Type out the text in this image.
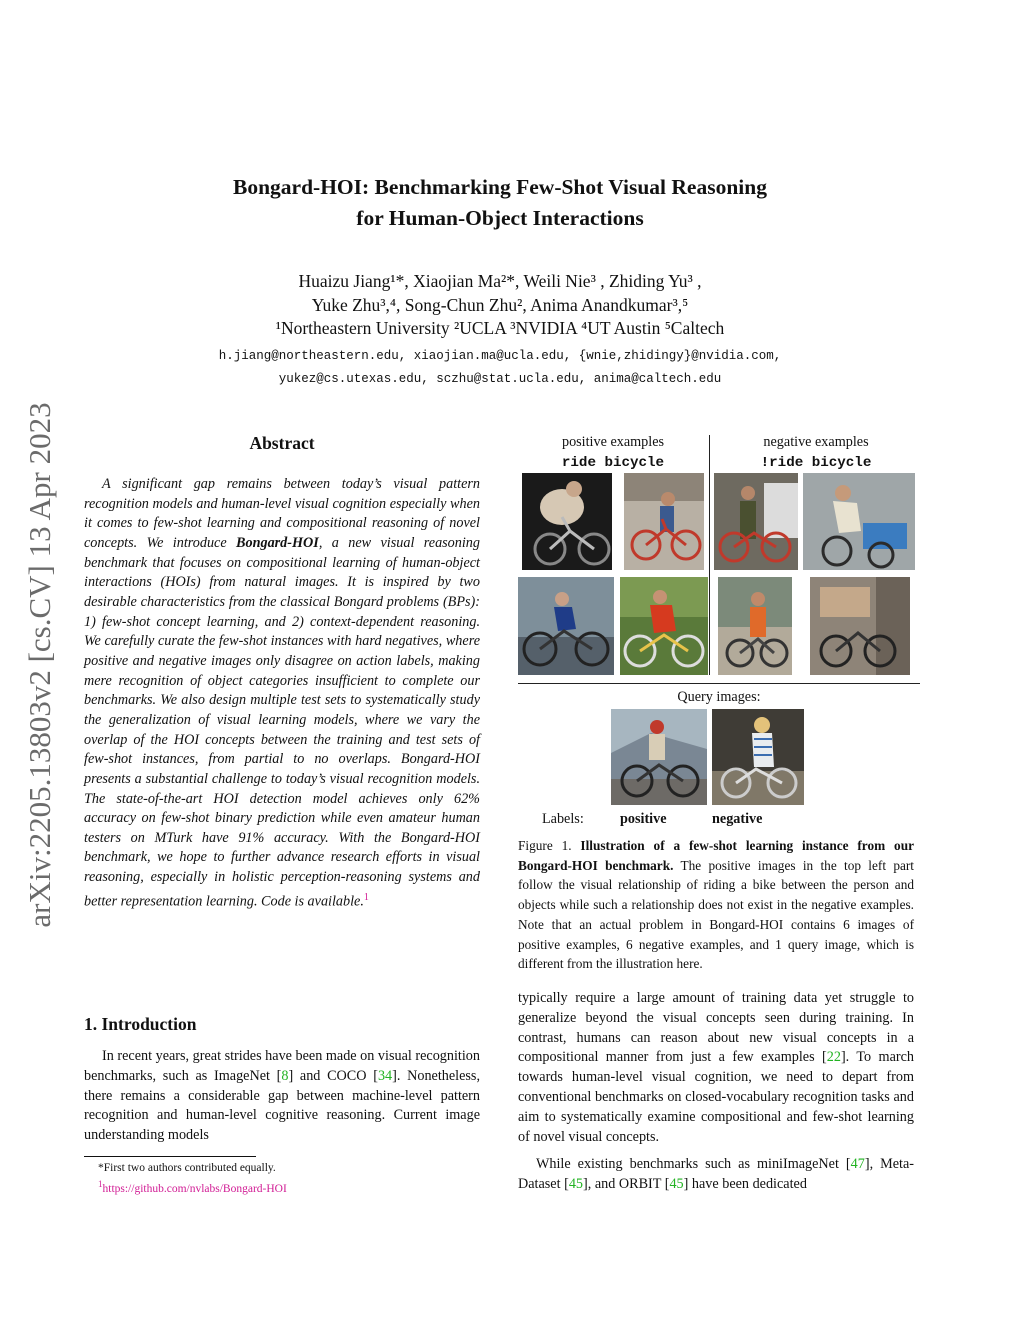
arXiv:2205.13803v2 [cs.CV] 13 Apr 2023
Bongard-HOI: Benchmarking Few-Shot Visual Reasoning
for Human-Object Interactions
Huaizu Jiang¹*, Xiaojian Ma²*, Weili Nie³ , Zhiding Yu³ ,
Yuke Zhu³,⁴, Song-Chun Zhu², Anima Anandkumar³,⁵
¹Northeastern University ²UCLA ³NVIDIA ⁴UT Austin ⁵Caltech
h.jiang@northeastern.edu, xiaojian.ma@ucla.edu, {wnie,zhidingy}@nvidia.com,
yukez@cs.utexas.edu, sczhu@stat.ucla.edu, anima@caltech.edu
Abstract
A significant gap remains between today’s visual pattern recognition models and human-level visual cognition especially when it comes to few-shot learning and compositional reasoning of novel concepts. We introduce Bongard-HOI, a new visual reasoning benchmark that focuses on compositional learning of human-object interactions (HOIs) from natural images. It is inspired by two desirable characteristics from the classical Bongard problems (BPs): 1) few-shot concept learning, and 2) context-dependent reasoning. We carefully curate the few-shot instances with hard negatives, where positive and negative images only disagree on action labels, making mere recognition of object categories insufficient to complete our benchmarks. We also design multiple test sets to systematically study the generalization of visual learning models, where we vary the overlap of the HOI concepts between the training and test sets of few-shot instances, from partial to no overlaps. Bongard-HOI presents a substantial challenge to today’s visual recognition models. The state-of-the-art HOI detection model achieves only 62% accuracy on few-shot binary prediction while even amateur human testers on MTurk have 91% accuracy. With the Bongard-HOI benchmark, we hope to further advance research efforts in visual reasoning, especially in holistic perception-reasoning systems and better representation learning. Code is available.$^1$
1. Introduction
In recent years, great strides have been made on visual recognition benchmarks, such as ImageNet [8] and COCO [34]. Nonetheless, there remains a considerable gap between machine-level pattern recognition and human-level cognitive reasoning. Current image understanding models
*First two authors contributed equally.
$^1$https://github.com/nvlabs/Bongard-HOI
positive examples
ride bicycle
negative examples
!ride bicycle
Query images:
Labels:	positive	negative
Figure 1. Illustration of a few-shot learning instance from our Bongard-HOI benchmark. The positive images in the top left part follow the visual relationship of riding a bike between the person and objects while such a relationship does not exist in the negative examples. Note that an actual problem in Bongard-HOI contains 6 images of positive examples, 6 negative examples, and 1 query image, which is different from the illustration here.
typically require a large amount of training data yet struggle to generalize beyond the visual concepts seen during training. In contrast, humans can reason about new visual concepts in a compositional manner from just a few examples [22]. To march towards human-level visual cognition, we need to depart from conventional benchmarks on closed-vocabulary recognition tasks and aim to systematically examine compositional and few-shot learning of novel visual concepts.
While existing benchmarks such as miniImageNet [47], Meta-Dataset [45], and ORBIT [45] have been dedicated
